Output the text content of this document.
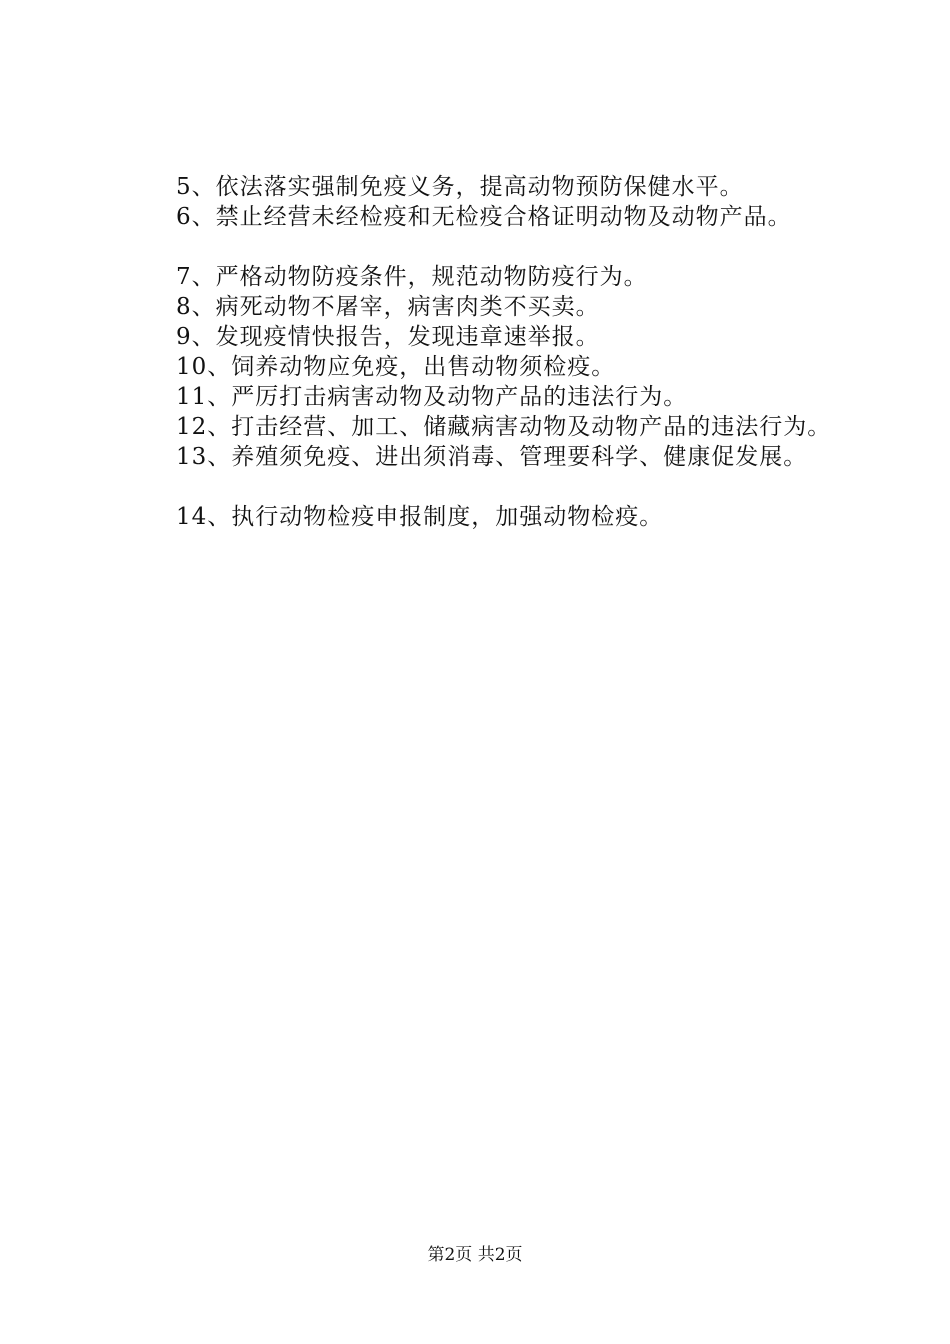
5、依法落实强制免疫义务，提高动物预防保健水平。

6、禁止经营未经检疫和无检疫合格证明动物及动物产品。

7、严格动物防疫条件，规范动物防疫行为。

8、病死动物不屠宰，病害肉类不买卖。

9、发现疫情快报告，发现违章速举报。

10、饲养动物应免疫，出售动物须检疫。

11、严厉打击病害动物及动物产品的违法行为。

12、打击经营、加工、储藏病害动物及动物产品的违法行为。

13、养殖须免疫、进出须消毒、管理要科学、健康促发展。

14、执行动物检疫申报制度，加强动物检疫。

第2页 共2页
